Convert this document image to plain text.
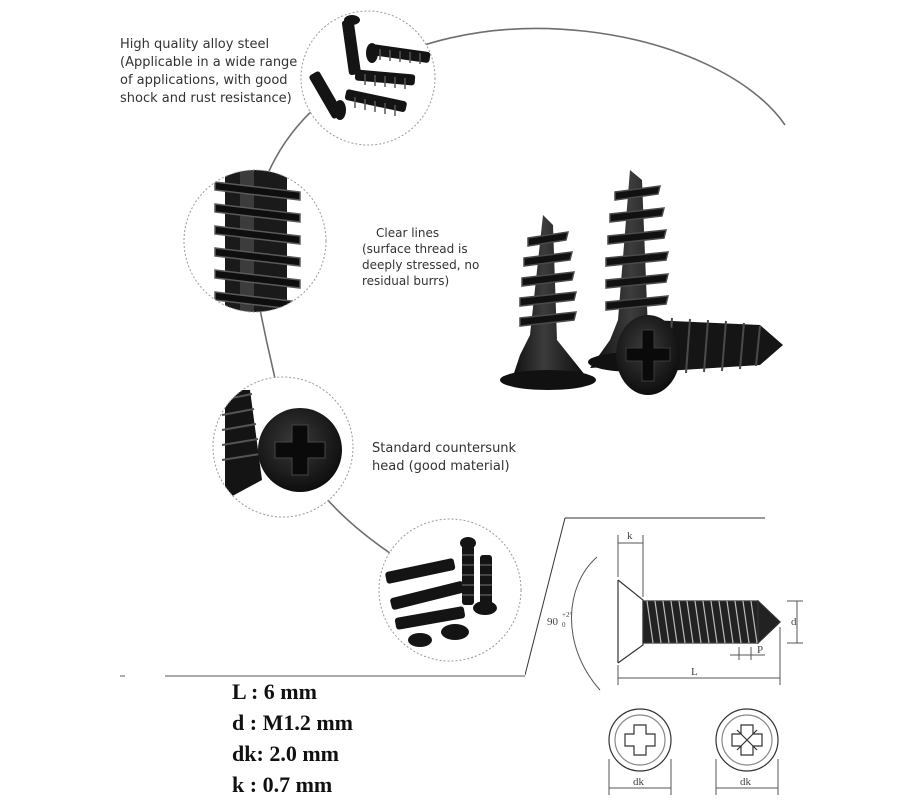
High quality alloy steel
(Applicable in a wide range
of applications, with good
shock and rust resistance)
Clear lines
(surface thread is
deeply stressed, no
residual burrs)
Standard countersunk
head (good material)
L : 6 mm
d : M1.2 mm
dk: 2.0 mm
k : 0.7 mm
90
+2°
0
k
d
P
L
dk	dk
